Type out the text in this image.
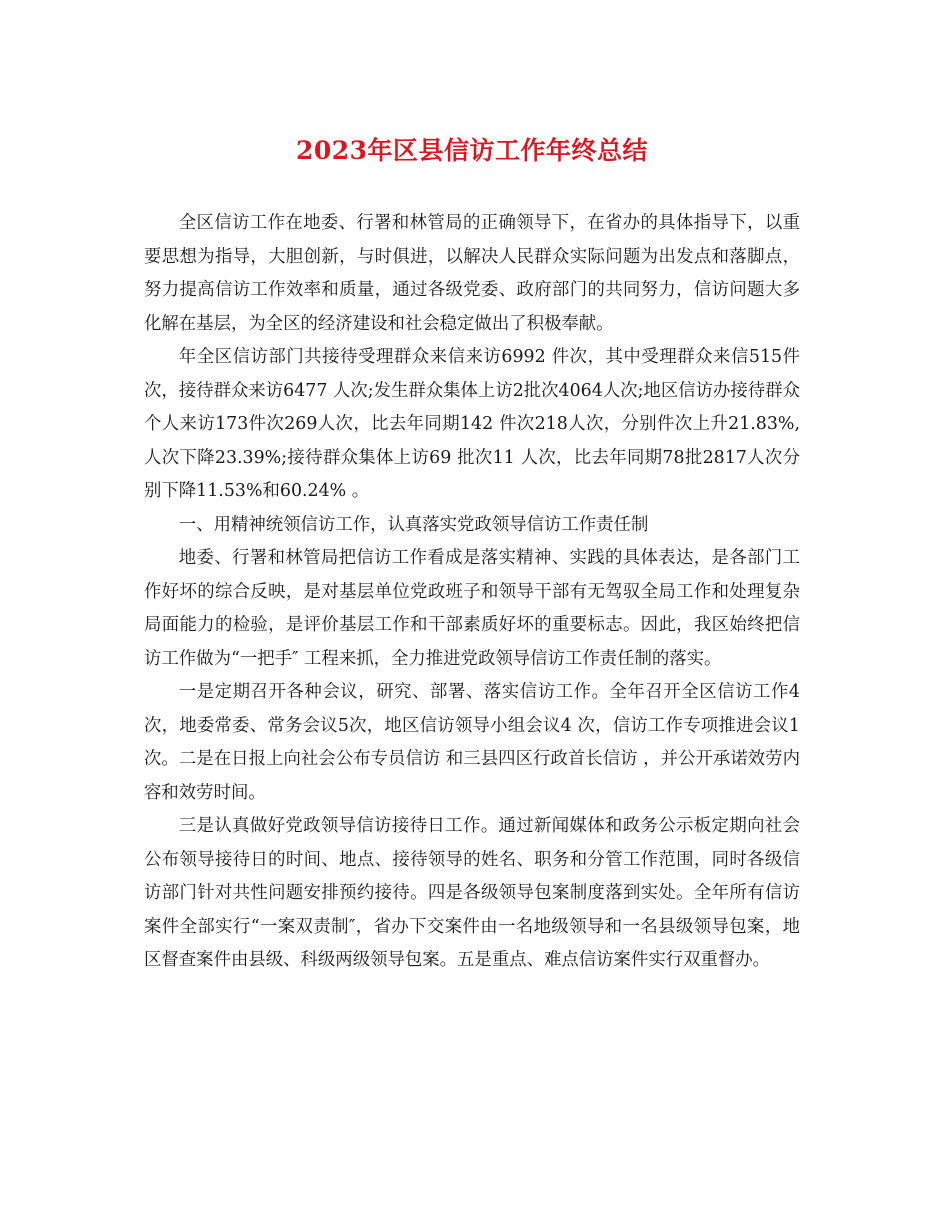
2023年区县信访工作年终总结

全区信访工作在地委、行署和林管局的正确领导下，在省办的具体指导下，以重要思想为指导，大胆创新，与时俱进，以解决人民群众实际问题为出发点和落脚点，努力提高信访工作效率和质量，通过各级党委、政府部门的共同努力，信访问题大多化解在基层，为全区的经济建设和社会稳定做出了积极奉献。

年全区信访部门共接待受理群众来信来访6992 件次，其中受理群众来信515件次，接待群众来访6477 人次;发生群众集体上访2批次4064人次;地区信访办接待群众个人来访173件次269人次，比去年同期142 件次218人次，分别件次上升21.83%,人次下降23.39%;接待群众集体上访69 批次11 人次，比去年同期78批2817人次分别下降11.53%和60.24% 。

一、用精神统领信访工作，认真落实党政领导信访工作责任制

地委、行署和林管局把信访工作看成是落实精神、实践的具体表达，是各部门工作好坏的综合反映，是对基层单位党政班子和领导干部有无驾驭全局工作和处理复杂局面能力的检验，是评价基层工作和干部素质好坏的重要标志。因此，我区始终把信访工作做为“一把手″ 工程来抓，全力推进党政领导信访工作责任制的落实。

一是定期召开各种会议，研究、部署、落实信访工作。全年召开全区信访工作4 次，地委常委、常务会议5次，地区信访领导小组会议4 次，信访工作专项推进会议1 次。二是在日报上向社会公布专员信访 和三县四区行政首长信访 ，并公开承诺效劳内容和效劳时间。

三是认真做好党政领导信访接待日工作。通过新闻媒体和政务公示板定期向社会公布领导接待日的时间、地点、接待领导的姓名、职务和分管工作范围，同时各级信访部门针对共性问题安排预约接待。四是各级领导包案制度落到实处。全年所有信访案件全部实行“一案双责制″，省办下交案件由一名地级领导和一名县级领导包案，地区督查案件由县级、科级两级领导包案。五是重点、难点信访案件实行双重督办。
